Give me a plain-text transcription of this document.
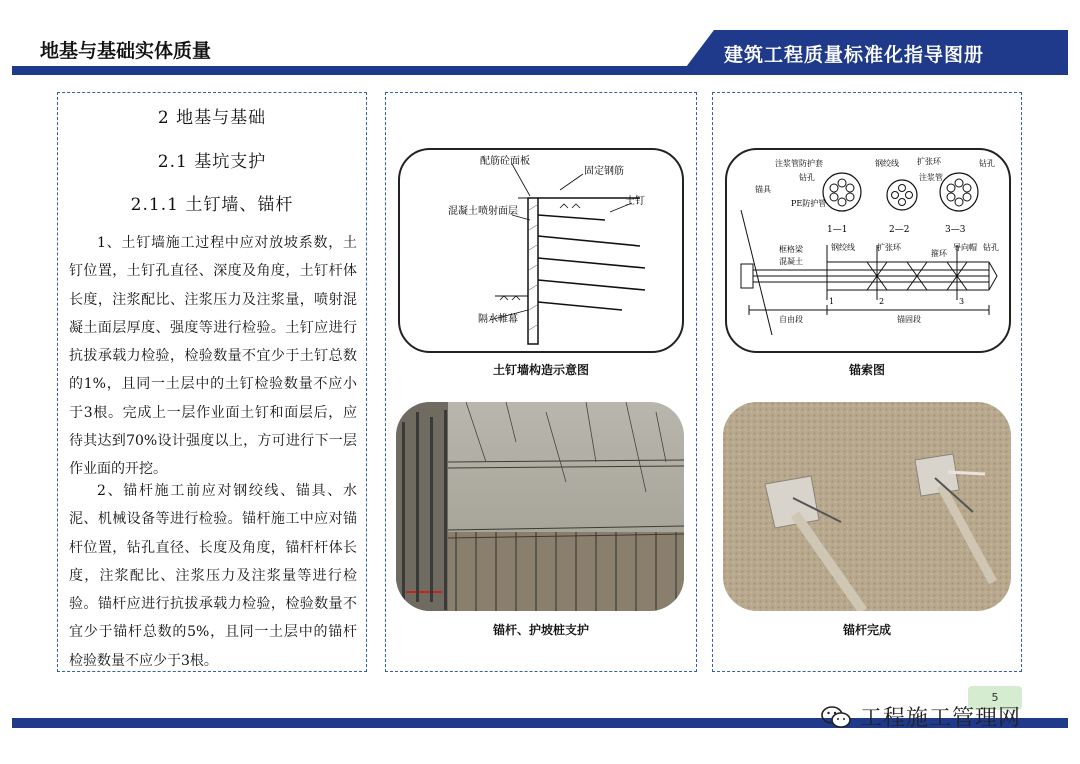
地基与基础实体质量	建筑工程质量标准化指导图册
2 地基与基础
2.1 基坑支护
2.1.1 土钉墙、锚杆
1、土钉墙施工过程中应对放坡系数，土钉位置，土钉孔直径、深度及角度，土钉杆体长度，注浆配比、注浆压力及注浆量，喷射混凝土面层厚度、强度等进行检验。土钉应进行抗拔承载力检验，检验数量不宜少于土钉总数的1%，且同一土层中的土钉检验数量不应小于3根。完成上一层作业面土钉和面层后，应待其达到70%设计强度以上，方可进行下一层作业面的开挖。
2、锚杆施工前应对钢绞线、锚具、水泥、机械设备等进行检验。锚杆施工中应对锚杆位置，钻孔直径、长度及角度，锚杆杆体长度，注浆配比、注浆压力及注浆量等进行检验。锚杆应进行抗拔承载力检验，检验数量不宜少于锚杆总数的5%，且同一土层中的锚杆检验数量不应少于3根。
配筋砼面板
固定钢筋
土钉
混凝土喷射面层
隔水帷幕
土钉墙构造示意图
锚杆、护坡桩支护
1—1	2—2	3—3
注浆管防护套	钢绞线 扩张环	钻孔
钻孔
锚具
PE防护管
注浆管
框格梁
混凝土
钢绞线	扩张环
箍环
导向帽 钻孔
自由段	锚固段
1	2	3
锚索图
锚杆完成
5
工程施工管理网
